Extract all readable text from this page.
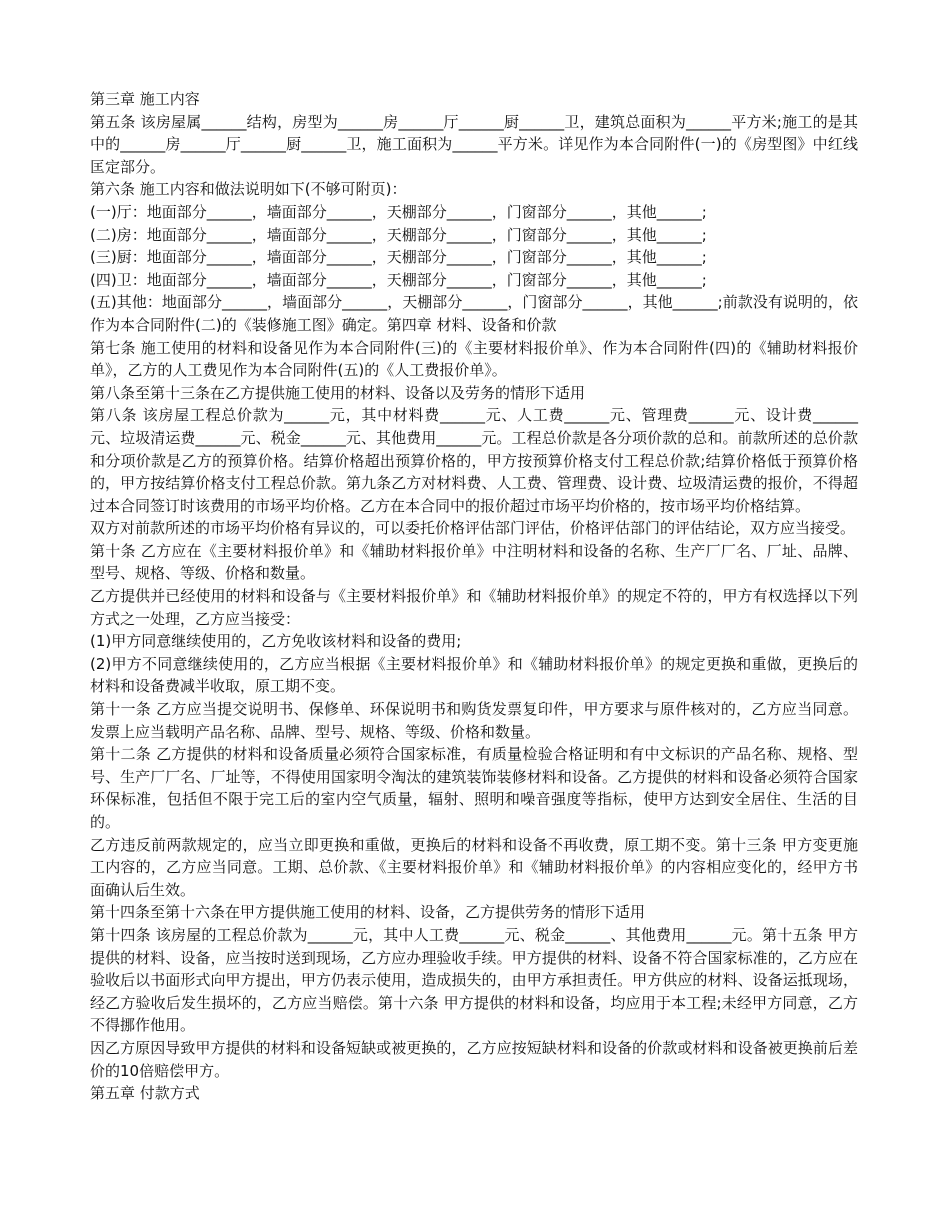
第三章 施工内容

第五条 该房屋属______结构，房型为______房______厅______厨______卫，建筑总面积为______平方米;施工的是其中的______房______厅______厨______卫，施工面积为______平方米。详见作为本合同附件(一)的《房型图》中红线匡定部分。

第六条 施工内容和做法说明如下(不够可附页)：

(一)厅：地面部分______，墙面部分______，天棚部分______，门窗部分______，其他______;

(二)房：地面部分______，墙面部分______，天棚部分______，门窗部分______，其他______;

(三)厨：地面部分______，墙面部分______，天棚部分______，门窗部分______，其他______;

(四)卫：地面部分______，墙面部分______，天棚部分______，门窗部分______，其他______;

(五)其他：地面部分______，墙面部分______，天棚部分______，门窗部分______，其他______;前款没有说明的，依作为本合同附件(二)的《装修施工图》确定。第四章 材料、设备和价款

第七条 施工使用的材料和设备见作为本合同附件(三)的《主要材料报价单》、作为本合同附件(四)的《辅助材料报价单》，乙方的人工费见作为本合同附件(五)的《人工费报价单》。

第八条至第十三条在乙方提供施工使用的材料、设备以及劳务的情形下适用

第八条 该房屋工程总价款为______元，其中材料费______元、人工费______元、管理费______元、设计费______元、垃圾清运费______元、税金______元、其他费用______元。工程总价款是各分项价款的总和。前款所述的总价款和分项价款是乙方的预算价格。结算价格超出预算价格的，甲方按预算价格支付工程总价款;结算价格低于预算价格的，甲方按结算价格支付工程总价款。第九条乙方对材料费、人工费、管理费、设计费、垃圾清运费的报价，不得超过本合同签订时该费用的市场平均价格。乙方在本合同中的报价超过市场平均价格的，按市场平均价格结算。

双方对前款所述的市场平均价格有异议的，可以委托价格评估部门评估，价格评估部门的评估结论，双方应当接受。

第十条 乙方应在《主要材料报价单》和《辅助材料报价单》中注明材料和设备的名称、生产厂厂名、厂址、品牌、型号、规格、等级、价格和数量。

乙方提供并已经使用的材料和设备与《主要材料报价单》和《辅助材料报价单》的规定不符的，甲方有权选择以下列方式之一处理，乙方应当接受：

(1)甲方同意继续使用的，乙方免收该材料和设备的费用;

(2)甲方不同意继续使用的，乙方应当根据《主要材料报价单》和《辅助材料报价单》的规定更换和重做，更换后的材料和设备费减半收取，原工期不变。

第十一条 乙方应当提交说明书、保修单、环保说明书和购货发票复印件，甲方要求与原件核对的，乙方应当同意。发票上应当载明产品名称、品牌、型号、规格、等级、价格和数量。

第十二条 乙方提供的材料和设备质量必须符合国家标准，有质量检验合格证明和有中文标识的产品名称、规格、型号、生产厂厂名、厂址等，不得使用国家明令淘汰的建筑装饰装修材料和设备。乙方提供的材料和设备必须符合国家环保标准，包括但不限于完工后的室内空气质量，辐射、照明和噪音强度等指标，使甲方达到安全居住、生活的目的。

乙方违反前两款规定的，应当立即更换和重做，更换后的材料和设备不再收费，原工期不变。第十三条 甲方变更施工内容的，乙方应当同意。工期、总价款、《主要材料报价单》和《辅助材料报价单》的内容相应变化的，经甲方书面确认后生效。

第十四条至第十六条在甲方提供施工使用的材料、设备，乙方提供劳务的情形下适用

第十四条 该房屋的工程总价款为______元，其中人工费______元、税金______、其他费用______元。第十五条 甲方提供的材料、设备，应当按时送到现场，乙方应办理验收手续。甲方提供的材料、设备不符合国家标准的，乙方应在验收后以书面形式向甲方提出，甲方仍表示使用，造成损失的，由甲方承担责任。甲方供应的材料、设备运抵现场，经乙方验收后发生损坏的，乙方应当赔偿。第十六条 甲方提供的材料和设备，均应用于本工程;未经甲方同意，乙方不得挪作他用。

因乙方原因导致甲方提供的材料和设备短缺或被更换的，乙方应按短缺材料和设备的价款或材料和设备被更换前后差价的10倍赔偿甲方。

第五章 付款方式
